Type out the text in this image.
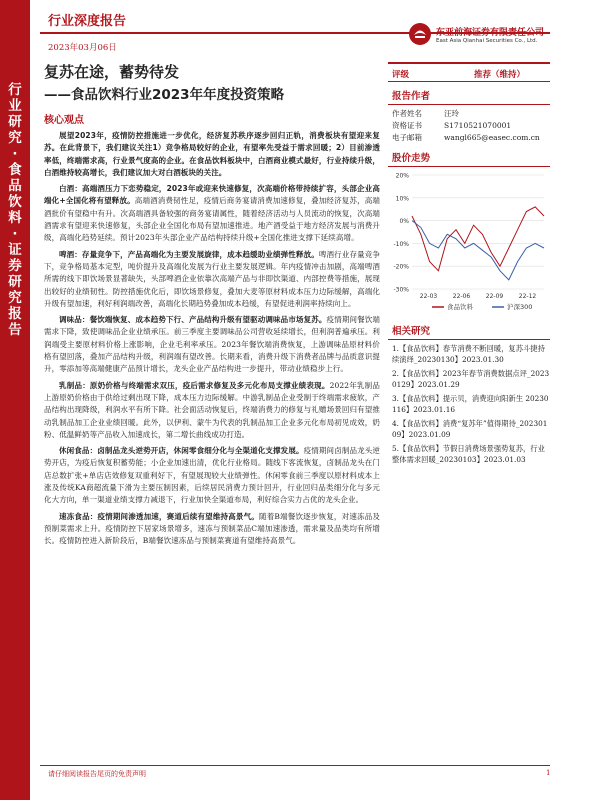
行
业
研
究
·
食
品
饮
料
·
证
券
研
究
报
告
行业深度报告
2023年03月06日
东亚前海证券有限责任公司
East Asia Qianhai Securities Co., Ltd.
复苏在途，蓄势待发
——食品饮料行业2023年年度投资策略
核心观点
展望2023年，疫情防控措施进一步优化，经济复苏秩序逐步回归正轨，消费板块有望迎来复苏。在此背景下，我们建议关注1）竞争格局较好的企业，有望率先受益于需求回暖；2）目前渗透率低，终端需求高，行业景气度高的企业。在食品饮料板块中，白酒商业模式最好，行业持续升级，白酒维持较高增长，我们建议加大对白酒板块的关注。
白酒：高端酒压力下恋势稳定，2023年或迎来快速修复，次高端价格带持续扩容，头部企业高端化+全国化将有望释放。高端酒消费韧性足，疫情后商务宴请消费加速修复，叠加经济复苏，高端酒批价有望稳中有升。次高端酒具备较强的商务宴请属性，随着经济活动与人员流动的恢复，次高端酒需求有望迎来快速修复，头部企业全国化布局有望加速推进。地产酒受益于地方经济发展与消费升级，高端化趋势延续。预计2023年头部企业产品结构持续升级+全国化推进支撑下延续高增。
啤酒：存量竞争下，产品高端化为主要发展旋律，成本趋缓助业绩弹性释放。啤酒行业存量竞争下，竞争格局基本定型，吨价提升及高端化发展为行业主要发展逻辑。年内疫情冲击加剧，高端啤酒所需的线下即饮场景显著缺失，头部啤酒企业依靠次高端产品与非即饮渠道、内部控费等措施，展现出较好的业绩韧性。防控措施优化后，即饮场景修复，叠加大麦等原材料成本压力边际缓解，高端化升级有望加速，利好利润端改善，高端化长期趋势叠加成本趋缓，有望促进利润率持续向上。
调味品：餐饮端恢复、成本趋势下行、产品结构升级有望驱动调味品市场复苏。疫情期间餐饮端需求下降，致使调味品企业业绩承压。前三季度主要调味品公司营收延续增长，但利润普遍承压。利润端受主要原材料价格上涨影响，企业毛利率承压。2023年餐饮端消费恢复，上游调味品原材料价格有望回落，叠加产品结构升级，利润端有望改善。长期来看，消费升级下消费者品牌与品质意识提升，零添加等高端健康产品预计增长，龙头企业产品结构进一步提升，带动业绩稳步上行。
乳制品：原奶价格与终端需求双压，疫后需求修复及多元化布局支撑业绩表现。2022年乳制品上游原奶价格由于供给过剩出现下降，成本压力边际缓解。中游乳制品企业受制于终端需求疲软，产品结构出现降级，利润水平有所下降。社会面活动恢复后，终端消费力的修复与礼赠场景回归有望推动乳制品加工企业业绩回暖。此外，以伊利、蒙牛为代表的乳制品加工企业多元化布局初见成效，奶粉、低温鲜奶等产品收入加速成长，第二增长曲线成功打造。
休闲食品：卤制品龙头逆势开店，休闲零食细分化与全渠道化支撑发展。疫情期间卤制品龙头逆势开店，为疫后恢复积蓄势能；小企业加速出清，优化行业格局。随线下客流恢复，卤制品龙头在门店总数扩张+单店店效修复双重利好下，有望展现较大业绩弹性。休闲零食前三季度以原材料成本上涨及传统KA商超流量下滑为主要压制因素，后续居民消费力预计回升，行业回归品类细分化与多元化大方向，单一渠道业绩支撑力减退下，行业加快全渠道布局，利好综合实力占优的龙头企业。
速冻食品：疫情期间渗透加速，赛道后续有望维持高景气。随着B端餐饮逐步恢复，对速冻品及预制菜需求上升。疫情防控下居家场景增多，速冻与预制菜品C端加速渗透，需求量及品类均有所增长。疫情防控进入新阶段后，B端餐饮速冻品与预制菜赛道有望维持高景气。
评级	推荐（维持）
报告作者
作者姓名	汪玲
资格证书	S1710521070001
电子邮箱	wangl665@easec.com.cn
股价走势
20%
10%
0%
-10%
-20%
-30%
22-03	22-06	22-09	22-12
食品饮料	沪深300
相关研究
1.【食品饮料】春节消费不断回暖，复苏斗捷持续演绎_20230130】2023.01.30
2.【食品饮料】2023年春节消费数据点评_20230129】2023.01.29
3.【食品饮料】提示贝，消费迎向阳新生 20230116】2023.01.16
4.【食品饮料】消费“复苏年”值得期待_20230109】2023.01.09
5.【食品饮料】节假日消费场景强势复苏，行业整体需求回暖_20230103】2023.01.03
请仔细阅读报告尾页的免责声明	1
